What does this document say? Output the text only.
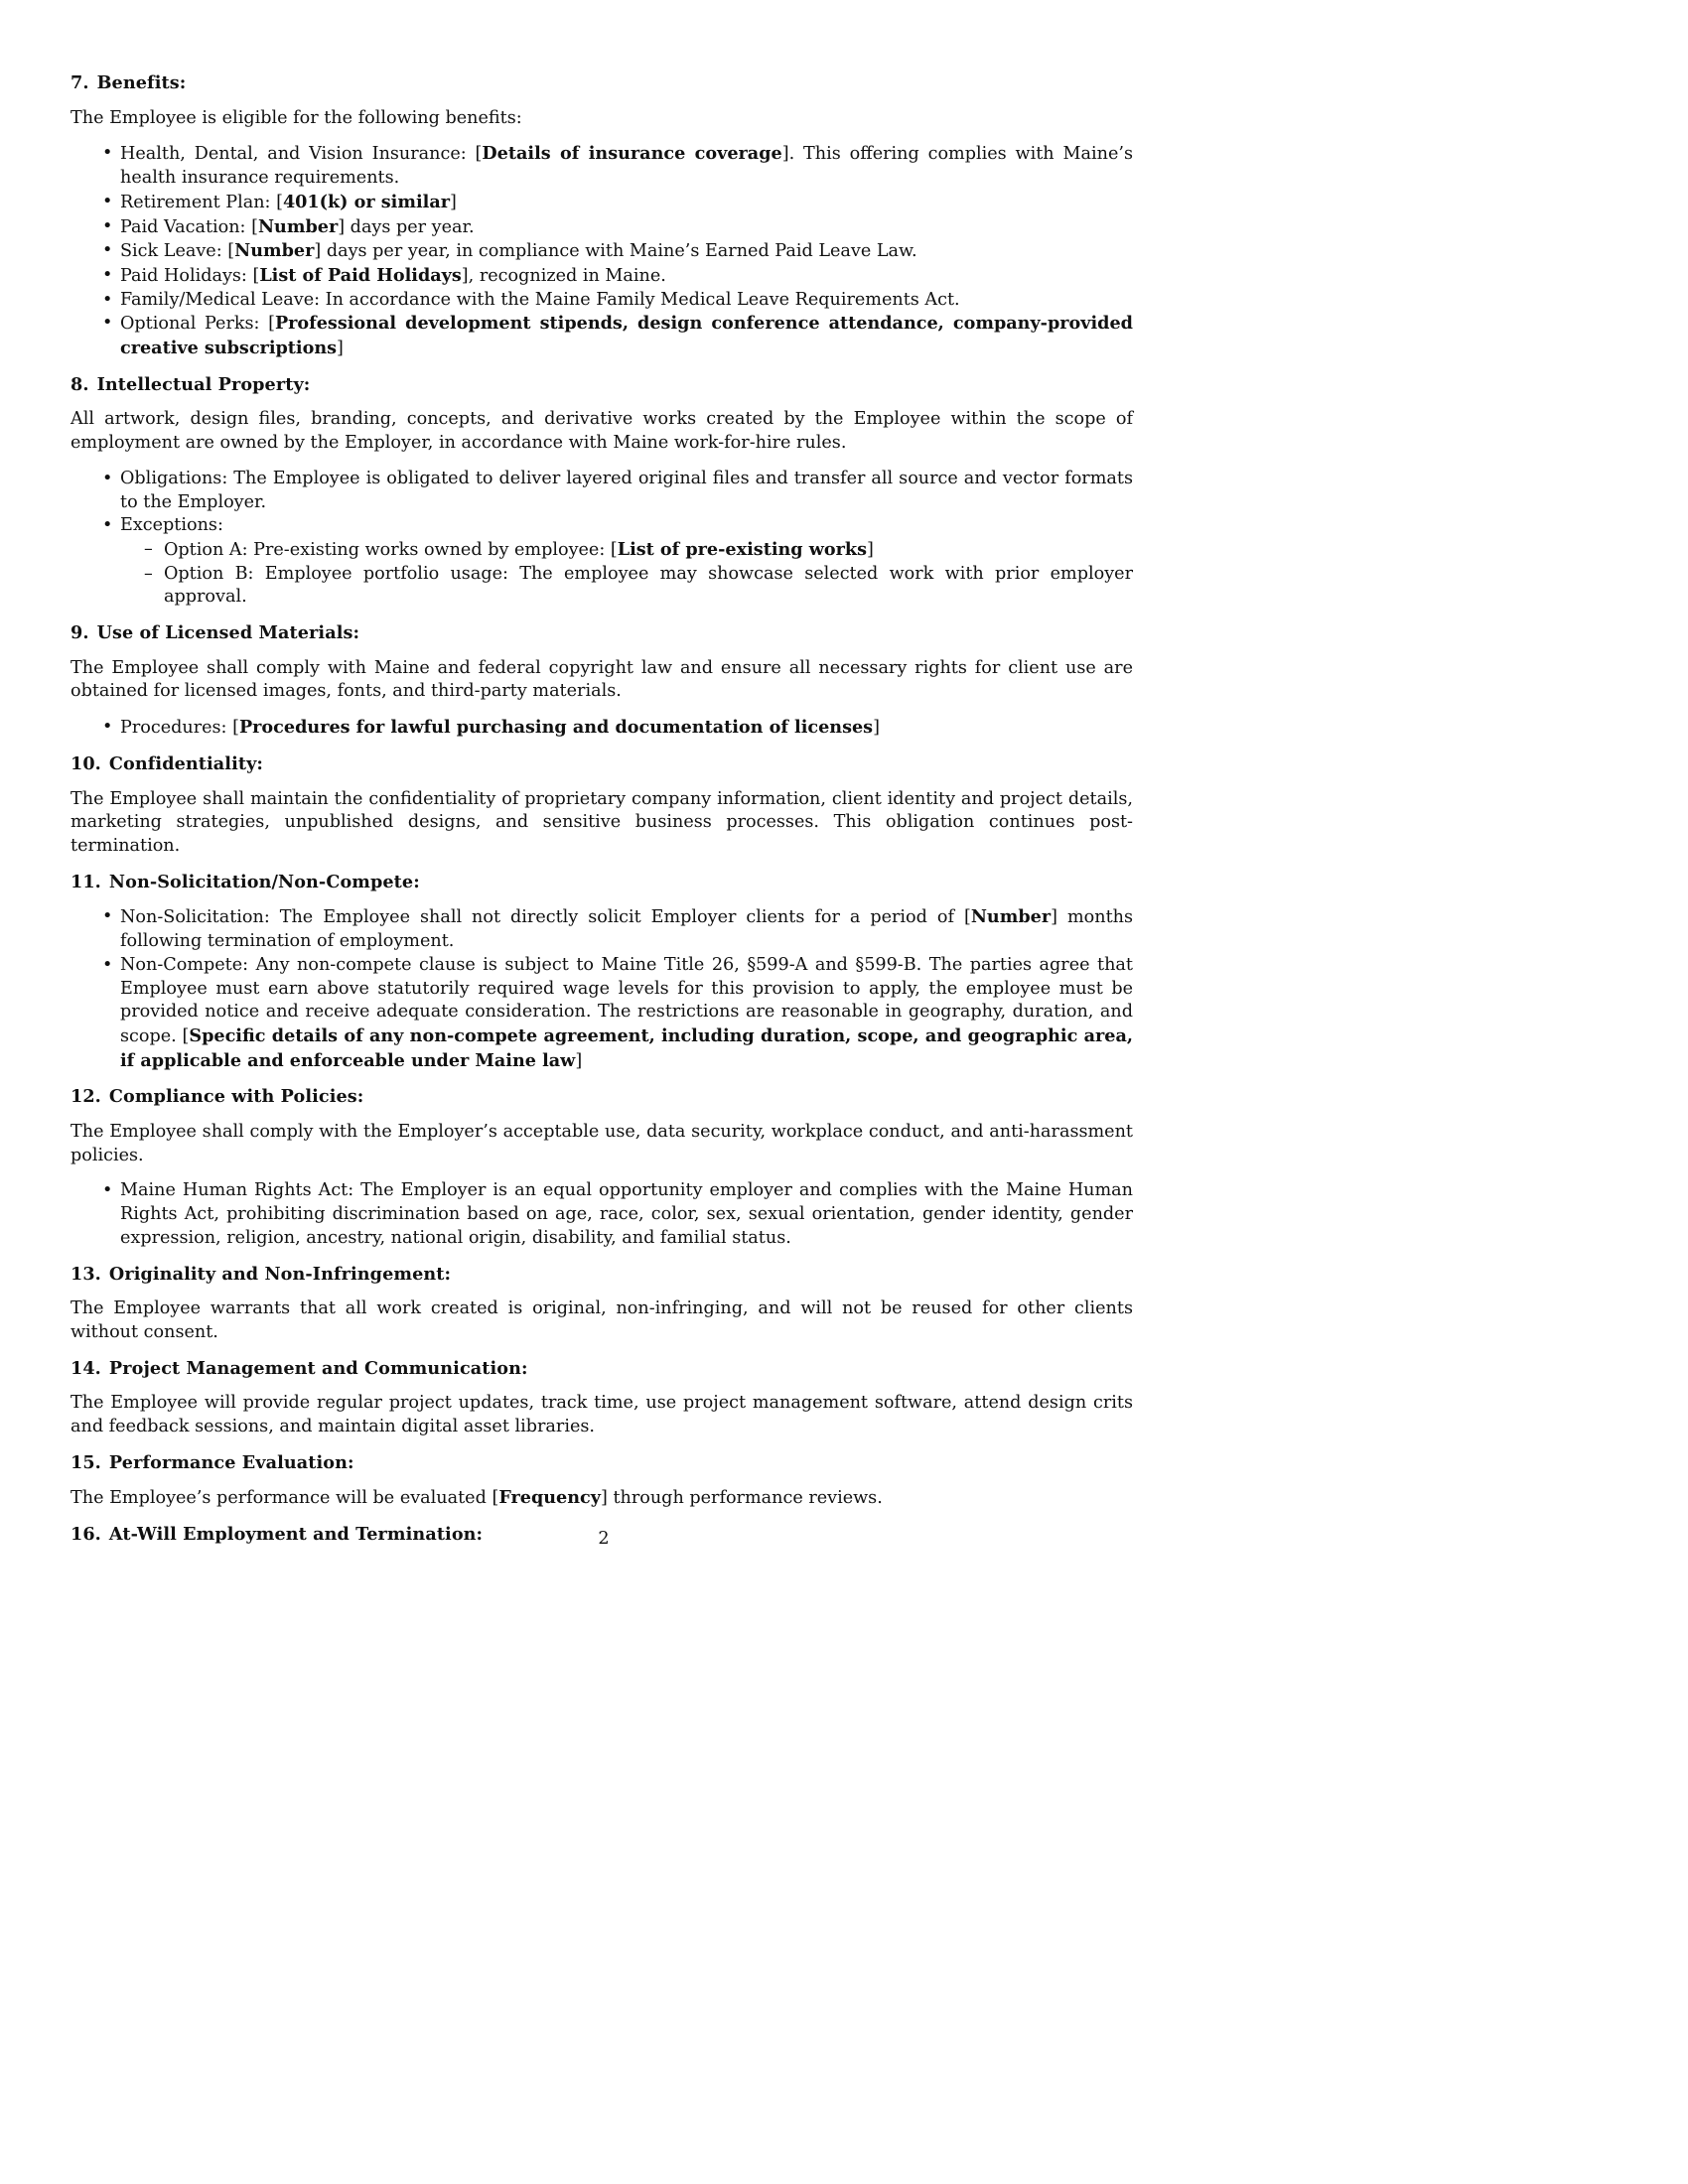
7. Benefits:

The Employee is eligible for the following benefits:

• Health, Dental, and Vision Insurance: [Details of insurance coverage]. This offering complies with Maine’s health insurance requirements.
• Retirement Plan: [401(k) or similar]
• Paid Vacation: [Number] days per year.
• Sick Leave: [Number] days per year, in compliance with Maine’s Earned Paid Leave Law.
• Paid Holidays: [List of Paid Holidays], recognized in Maine.
• Family/Medical Leave: In accordance with the Maine Family Medical Leave Requirements Act.
• Optional Perks: [Professional development stipends, design conference attendance, company-provided creative subscriptions]
8. Intellectual Property:

All artwork, design files, branding, concepts, and derivative works created by the Employee within the scope of employment are owned by the Employer, in accordance with Maine work-for-hire rules.

• Obligations: The Employee is obligated to deliver layered original files and transfer all source and vector formats to the Employer.
• Exceptions:
– Option A: Pre-existing works owned by employee: [List of pre-existing works]
– Option B: Employee portfolio usage: The employee may showcase selected work with prior employer approval.
9. Use of Licensed Materials:

The Employee shall comply with Maine and federal copyright law and ensure all necessary rights for client use are obtained for licensed images, fonts, and third-party materials.

• Procedures: [Procedures for lawful purchasing and documentation of licenses]
10. Confidentiality:

The Employee shall maintain the confidentiality of proprietary company information, client identity and project details, marketing strategies, unpublished designs, and sensitive business processes. This obligation continues post-termination.

11. Non-Solicitation/Non-Compete:
• Non-Solicitation: The Employee shall not directly solicit Employer clients for a period of [Number] months following termination of employment.
• Non-Compete: Any non-compete clause is subject to Maine Title 26, §599-A and §599-B. The parties agree that Employee must earn above statutorily required wage levels for this provision to apply, the employee must be provided notice and receive adequate consideration. The restrictions are reasonable in geography, duration, and scope. [Specific details of any non-compete agreement, including duration, scope, and geographic area, if applicable and enforceable under Maine law]
12. Compliance with Policies:

The Employee shall comply with the Employer’s acceptable use, data security, workplace conduct, and anti-harassment policies.

• Maine Human Rights Act: The Employer is an equal opportunity employer and complies with the Maine Human Rights Act, prohibiting discrimination based on age, race, color, sex, sexual orientation, gender identity, gender expression, religion, ancestry, national origin, disability, and familial status.
13. Originality and Non-Infringement:

The Employee warrants that all work created is original, non-infringing, and will not be reused for other clients without consent.

14. Project Management and Communication:

The Employee will provide regular project updates, track time, use project management software, attend design crits and feedback sessions, and maintain digital asset libraries.

15. Performance Evaluation:

The Employee’s performance will be evaluated [Frequency] through performance reviews.

16. At-Will Employment and Termination:	2
